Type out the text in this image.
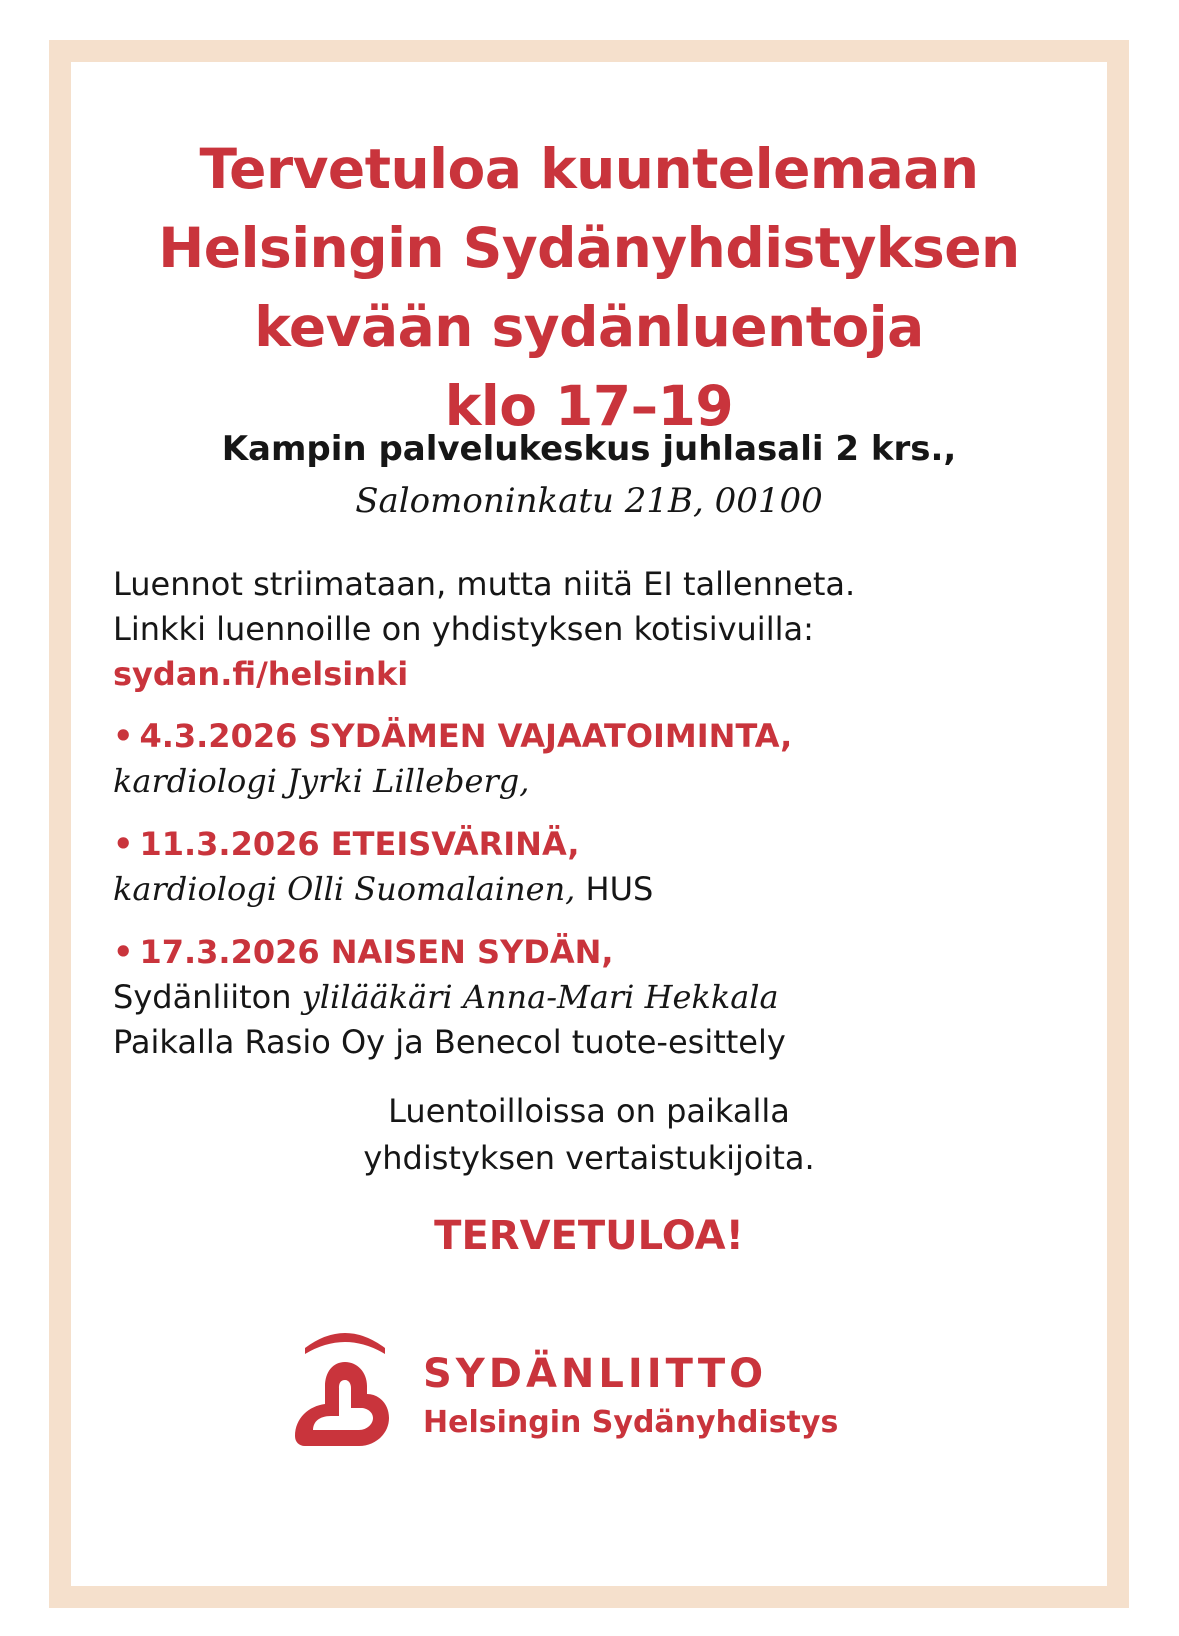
Tervetuloa kuuntelemaan
Helsingin Sydänyhdistyksen
kevään sydänluentoja
klo 17–19
Kampin palvelukeskus juhlasali 2 krs.,
Salomoninkatu 21B, 00100
Luennot striimataan, mutta niitä EI tallenneta.
Linkki luennoille on yhdistyksen kotisivuilla:
sydan.fi/helsinki
• 4.3.2026 SYDÄMEN VAJAATOIMINTA,
kardiologi Jyrki Lilleberg,
• 11.3.2026 ETEISVÄRINÄ,
kardiologi Olli Suomalainen, HUS
• 17.3.2026 NAISEN SYDÄN,
Sydänliiton ylilääkäri Anna-Mari Hekkala
Paikalla Rasio Oy ja Benecol tuote-esittely
Luentoilloissa on paikalla
yhdistyksen vertaistukijoita.
TERVETULOA!
SYDÄNLIITTO
Helsingin Sydänyhdistys
